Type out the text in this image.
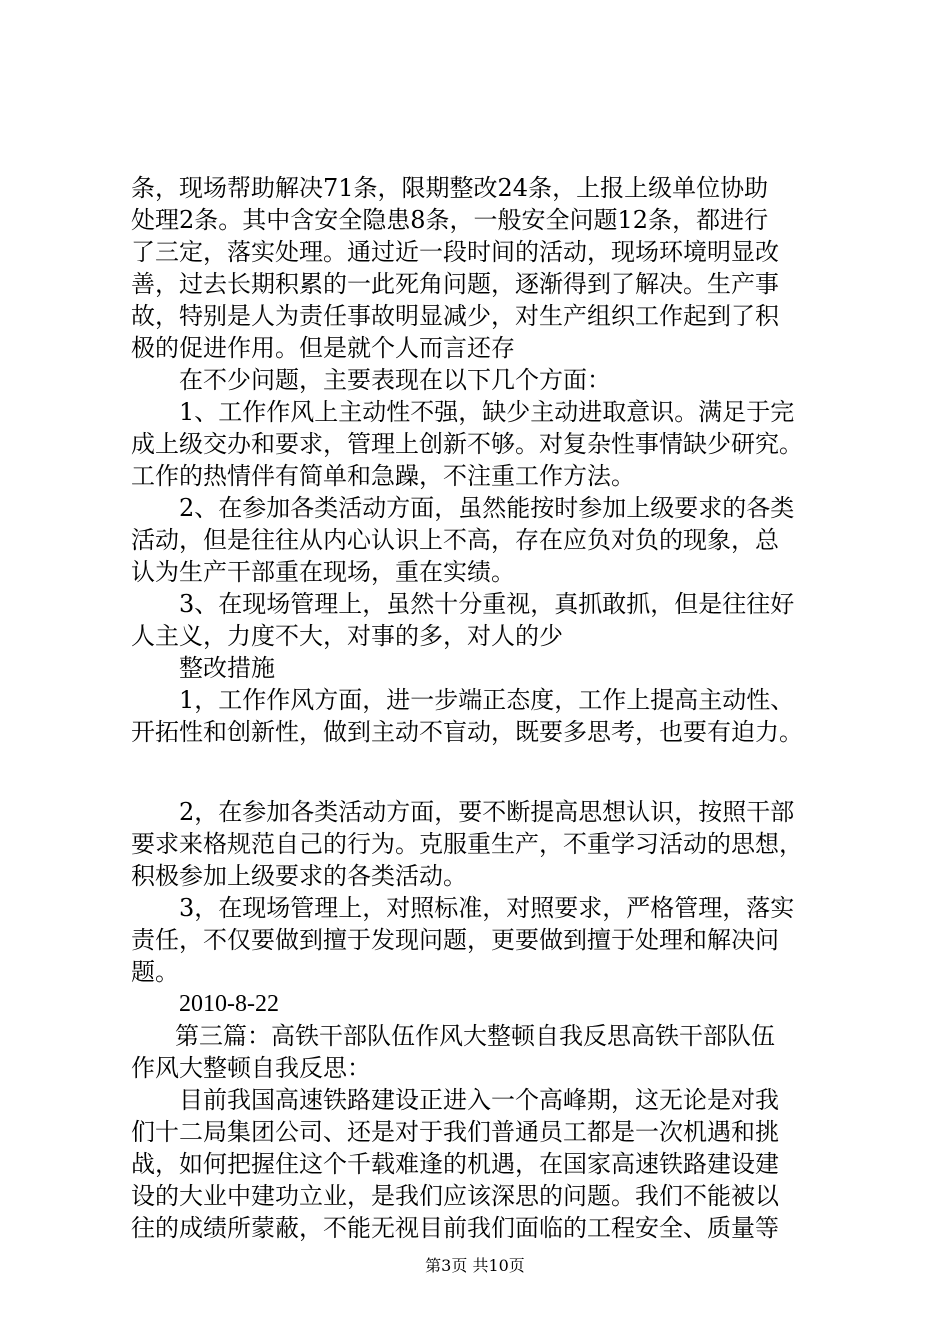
条，现场帮助解决71条，限期整改24条，上报上级单位协助
处理2条。其中含安全隐患8条，一般安全问题12条，都进行
了三定，落实处理。通过近一段时间的活动，现场环境明显改
善，过去长期积累的一此死角问题，逐渐得到了解决。生产事
故，特别是人为责任事故明显减少，对生产组织工作起到了积
极的促进作用。但是就个人而言还存
在不少问题，主要表现在以下几个方面：
1、工作作风上主动性不强，缺少主动进取意识。满足于完
成上级交办和要求，管理上创新不够。对复杂性事情缺少研究。
工作的热情伴有简单和急躁，不注重工作方法。
2、在参加各类活动方面，虽然能按时参加上级要求的各类
活动，但是往往从内心认识上不高，存在应负对负的现象，总
认为生产干部重在现场，重在实绩。
3、在现场管理上，虽然十分重视，真抓敢抓，但是往往好
人主义，力度不大，对事的多，对人的少
整改措施
1，工作作风方面，进一步端正态度，工作上提高主动性、
开拓性和创新性，做到主动不盲动，既要多思考，也要有迫力。
2，在参加各类活动方面，要不断提高思想认识，按照干部
要求来格规范自己的行为。克服重生产，不重学习活动的思想，
积极参加上级要求的各类活动。
3，在现场管理上，对照标准，对照要求，严格管理，落实
责任，不仅要做到擅于发现问题，更要做到擅于处理和解决问
题。
2010-8-22
第三篇：高铁干部队伍作风大整顿自我反思高铁干部队伍
作风大整顿自我反思：
目前我国高速铁路建设正进入一个高峰期，这无论是对我
们十二局集团公司、还是对于我们普通员工都是一次机遇和挑
战，如何把握住这个千载难逢的机遇，在国家高速铁路建设建
设的大业中建功立业，是我们应该深思的问题。我们不能被以
往的成绩所蒙蔽，不能无视目前我们面临的工程安全、质量等
第3页 共10页
